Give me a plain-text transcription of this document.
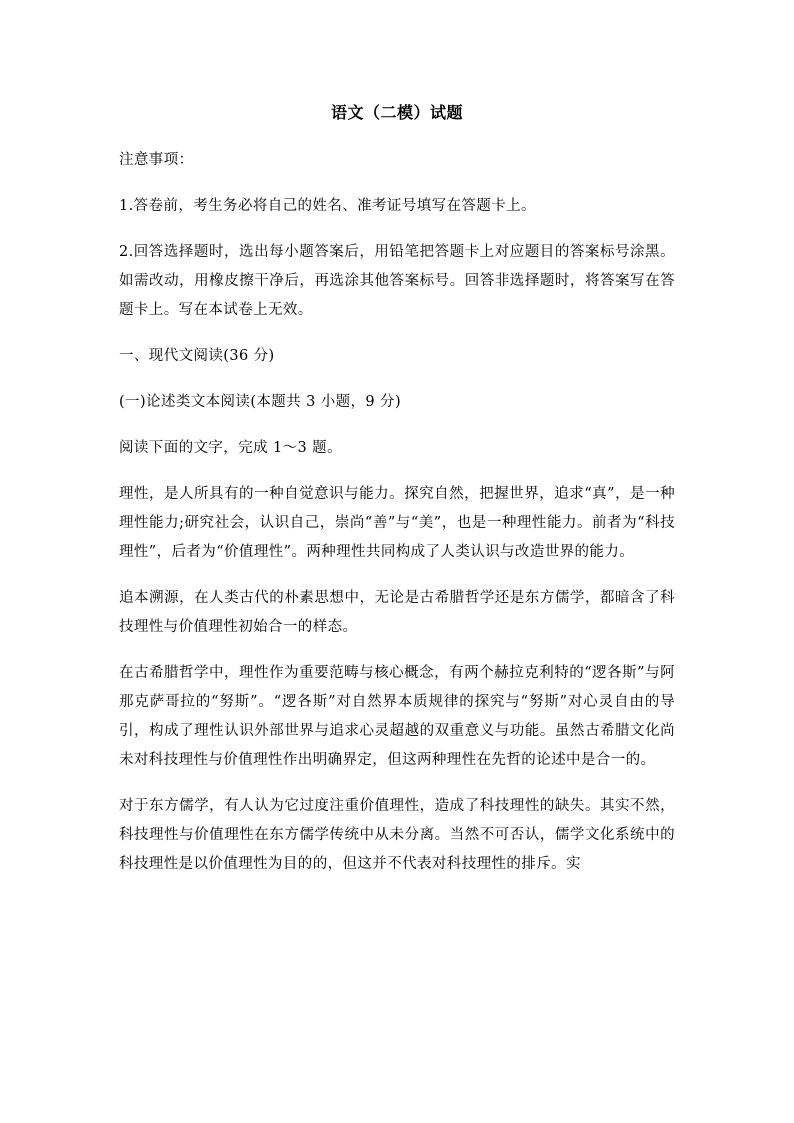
语文（二模）试题

注意事项：

1.答卷前，考生务必将自己的姓名、准考证号填写在答题卡上。

2.回答选择题时，选出每小题答案后，用铅笔把答题卡上对应题目的答案标号涂黑。如需改动，用橡皮擦干净后，再选涂其他答案标号。回答非选择题时，将答案写在答题卡上。写在本试卷上无效。

一、现代文阅读(36 分)

(一)论述类文本阅读(本题共 3 小题，9 分)

阅读下面的文字，完成 1～3 题。

理性，是人所具有的一种自觉意识与能力。探究自然，把握世界，追求“真”，是一种理性能力;研究社会，认识自己，崇尚“善”与“美”，也是一种理性能力。前者为“科技理性”，后者为“价值理性”。两种理性共同构成了人类认识与改造世界的能力。

追本溯源，在人类古代的朴素思想中，无论是古希腊哲学还是东方儒学，都暗含了科技理性与价值理性初始合一的样态。

在古希腊哲学中，理性作为重要范畴与核心概念，有两个赫拉克利特的“逻各斯”与阿那克萨哥拉的“努斯”。“逻各斯”对自然界本质规律的探究与“努斯”对心灵自由的导引，构成了理性认识外部世界与追求心灵超越的双重意义与功能。虽然古希腊文化尚未对科技理性与价值理性作出明确界定，但这两种理性在先哲的论述中是合一的。

对于东方儒学，有人认为它过度注重价值理性，造成了科技理性的缺失。其实不然，科技理性与价值理性在东方儒学传统中从未分离。当然不可否认，儒学文化系统中的科技理性是以价值理性为目的的，但这并不代表对科技理性的排斥。实
